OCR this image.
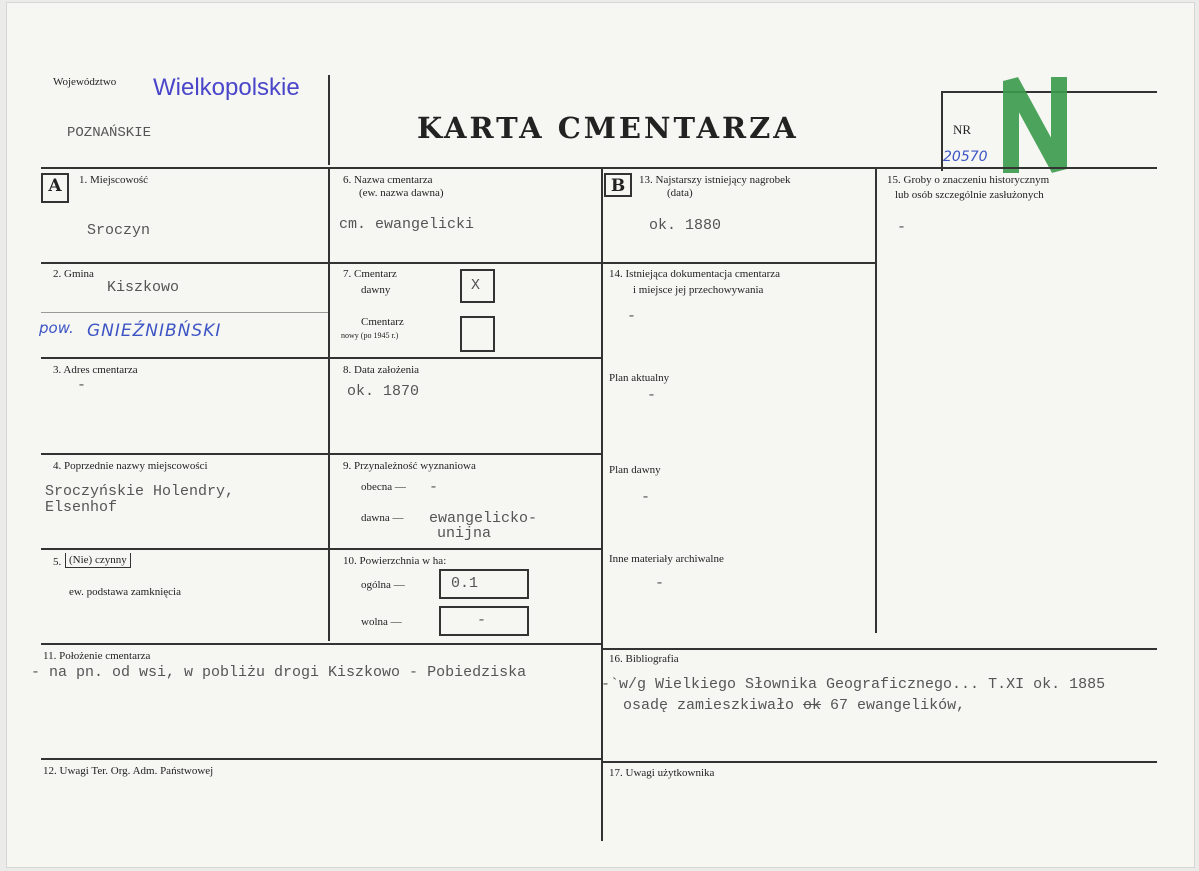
Województwo Wielkopolskie
POZNAŃSKIE	KARTA CMENTARZA	NR
20570
A	B
1. Miejscowość
Sroczyn
2. Gmina
Kiszkowo
pow. GNIEŹNIBŃSKI
3. Adres cmentarza
-
4. Poprzednie nazwy miejscowości
Sroczyńskie Holendry,
Elsenhof
5. (Nie) czynny
ew. podstawa zamknięcia
6. Nazwa cmentarza
(ew. nazwa dawna)
cm. ewangelicki
7. Cmentarz
dawny	X
Cmentarz
nowy (po 1945 r.)
8. Data założenia
ok. 1870
9. Przynależność wyznaniowa
obecna — -
dawna — ewangelicko-
unijna
10. Powierzchnia w ha:
ogólna —	0.1
wolna —	-
11. Położenie cmentarza
- na pn. od wsi, w pobliżu drogi Kiszkowo - Pobiedziska
12. Uwagi Ter. Org. Adm. Państwowej
13. Najstarszy istniejący nagrobek
(data)
ok. 1880
14. Istniejąca dokumentacja cmentarza
i miejsce jej przechowywania
-
Plan aktualny
-
Plan dawny
-
Inne materiały archiwalne
-
15. Groby o znaczeniu historycznym
lub osób szczególnie zasłużonych
-
16. Bibliografia
-`w/g Wielkiego Słownika Geograficznego... T.XI ok. 1885
osadę zamieszkiwało ok 67 ewangelików,
17. Uwagi użytkownika
